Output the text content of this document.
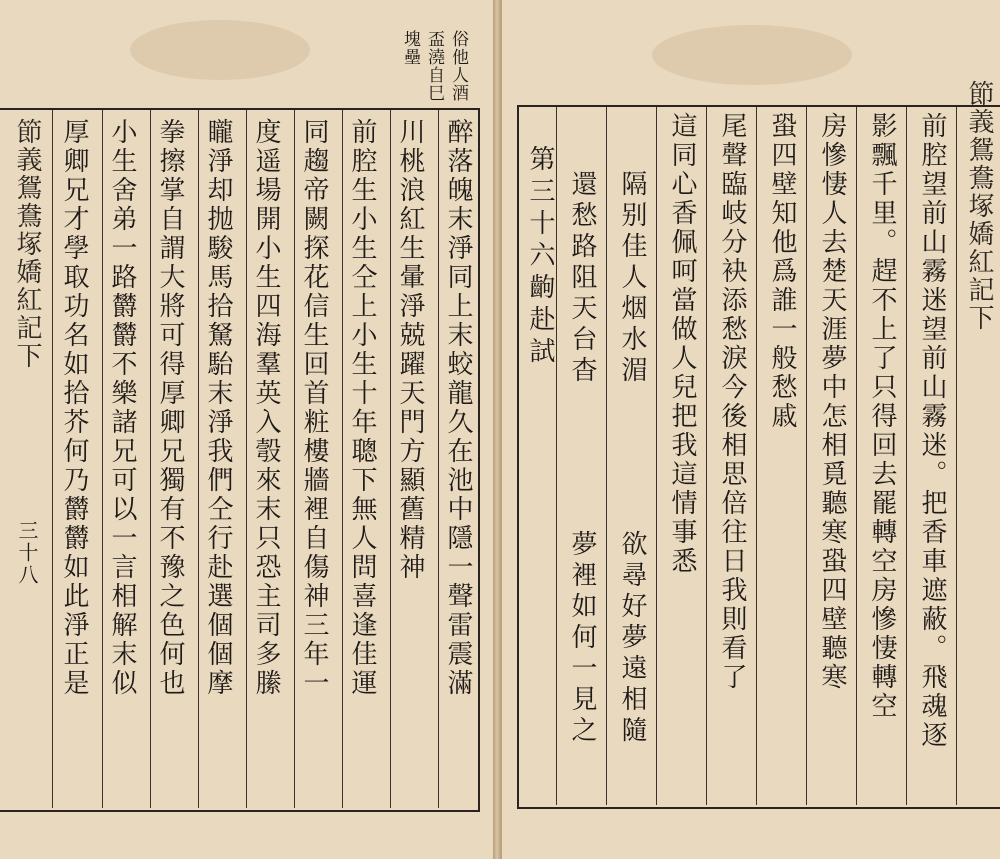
俗他人酒
盃澆自巳
塊壘
節義鴛鴦塚嬌紅記下
三十八	醉落魄末淨同上末蛟龍久在池中隱一聲雷震滿
川桃浪紅生暈淨兢躍天門方顯舊精神
前腔生小生仝上小生十年聰下無人問喜逢佳運
同趨帝闕探花信生回首粧樓牆裡自傷神三年一
度遥場開小生四海羣英入彀來末只恐主司多縢
矓淨却抛駿馬拾駑駘末淨我們仝行赴選個個摩
拳擦掌自謂大將可得厚卿兄獨有不豫之色何也
小生舍弟一路欝欝不樂諸兄可以一言相解末似
厚卿兄才學取功名如拾芥何乃欝欝如此淨正是	節義鴛鴦塚嬌紅記下
前腔望前山霧迷望前山霧迷。把香車遮蔽。飛魂逐
影飄千里。趕不上了只得回去罷轉空房慘悽轉空
房慘悽人去楚天涯夢中怎相覓聽寒蛩四壁聽寒
蛩四壁知他爲誰一般愁戚
尾聲臨岐分袂添愁淚今後相思倍往日我則看了
這同心香佩呵當做人兒把我這情事悉
隔别佳人烟水湄
欲尋好夢遠相隨
還愁路阻天台杳
夢裡如何一見之
第三十六齣赴試
